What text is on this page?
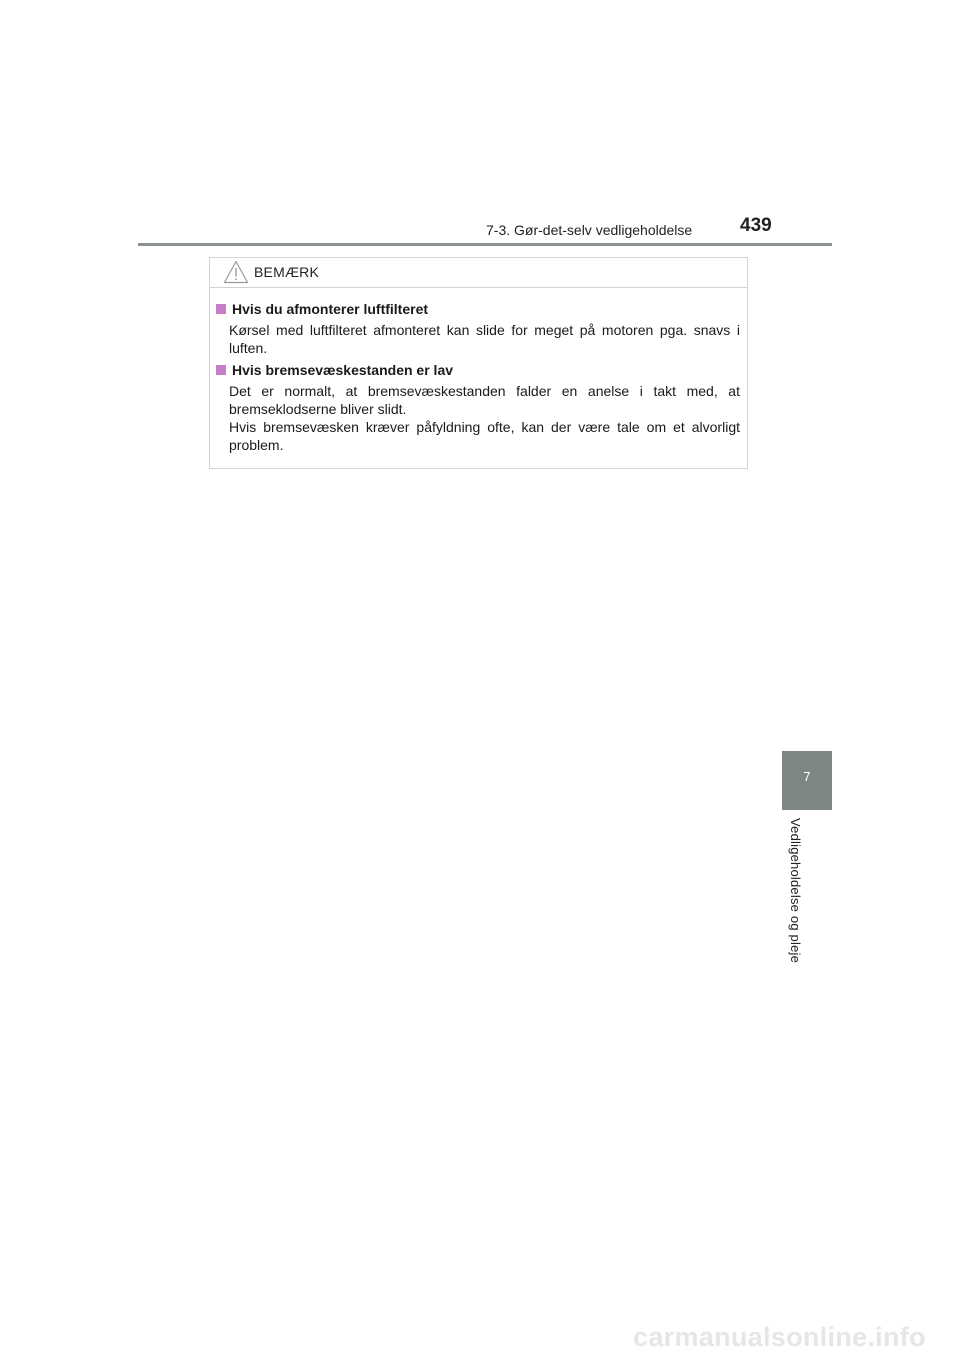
7-3. Gør-det-selv vedligeholdelse	439
BEMÆRK
Hvis du afmonterer luftfilteret

Kørsel med luftfilteret afmonteret kan slide for meget på motoren pga. snavs i luften.

Hvis bremsevæskestanden er lav

Det er normalt, at bremsevæskestanden falder en anelse i takt med, at bremseklodserne bliver slidt.

Hvis bremsevæsken kræver påfyldning ofte, kan der være tale om et alvorligt problem.

7
Vedligeholdelse og pleje
carmanualsonline.info
